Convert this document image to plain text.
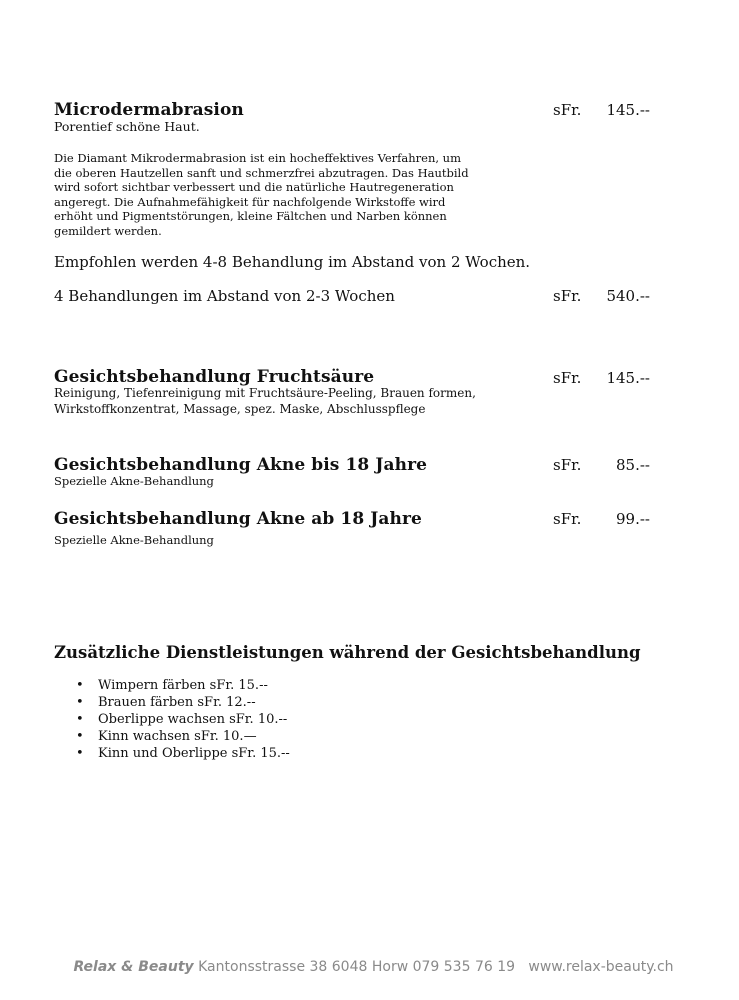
Microdermabrasion	sFr.	145.--
Porentief schöne Haut.
Die Diamant Mikrodermabrasion ist ein hocheffektives Verfahren, um
die oberen Hautzellen sanft und schmerzfrei abzutragen. Das Hautbild
wird sofort sichtbar verbessert und die natürliche Hautregeneration
angeregt. Die Aufnahmefähigkeit für nachfolgende Wirkstoffe wird
erhöht und Pigmentstörungen, kleine Fältchen und Narben können
gemildert werden.
Empfohlen werden 4-8 Behandlung im Abstand von 2 Wochen.
4 Behandlungen im Abstand von 2-3 Wochen	sFr.	540.--
Gesichtsbehandlung Fruchtsäure	sFr.	145.--
Reinigung, Tiefenreinigung mit Fruchtsäure-Peeling, Brauen formen,
Wirkstoffkonzentrat, Massage, spez. Maske, Abschlusspflege
Gesichtsbehandlung Akne bis 18 Jahre	sFr.	85.--
Spezielle Akne-Behandlung
Gesichtsbehandlung Akne ab 18 Jahre	sFr.	99.--
Spezielle Akne-Behandlung
Zusätzliche Dienstleistungen während der Gesichtsbehandlung
• Wimpern färben sFr. 15.--
• Brauen färben sFr. 12.--
• Oberlippe wachsen sFr. 10.--
• Kinn wachsen sFr. 10.—
• Kinn und Oberlippe sFr. 15.--
Relax & Beauty Kantonsstrasse 38 6048 Horw 079 535 76 19 www.relax-beauty.ch
